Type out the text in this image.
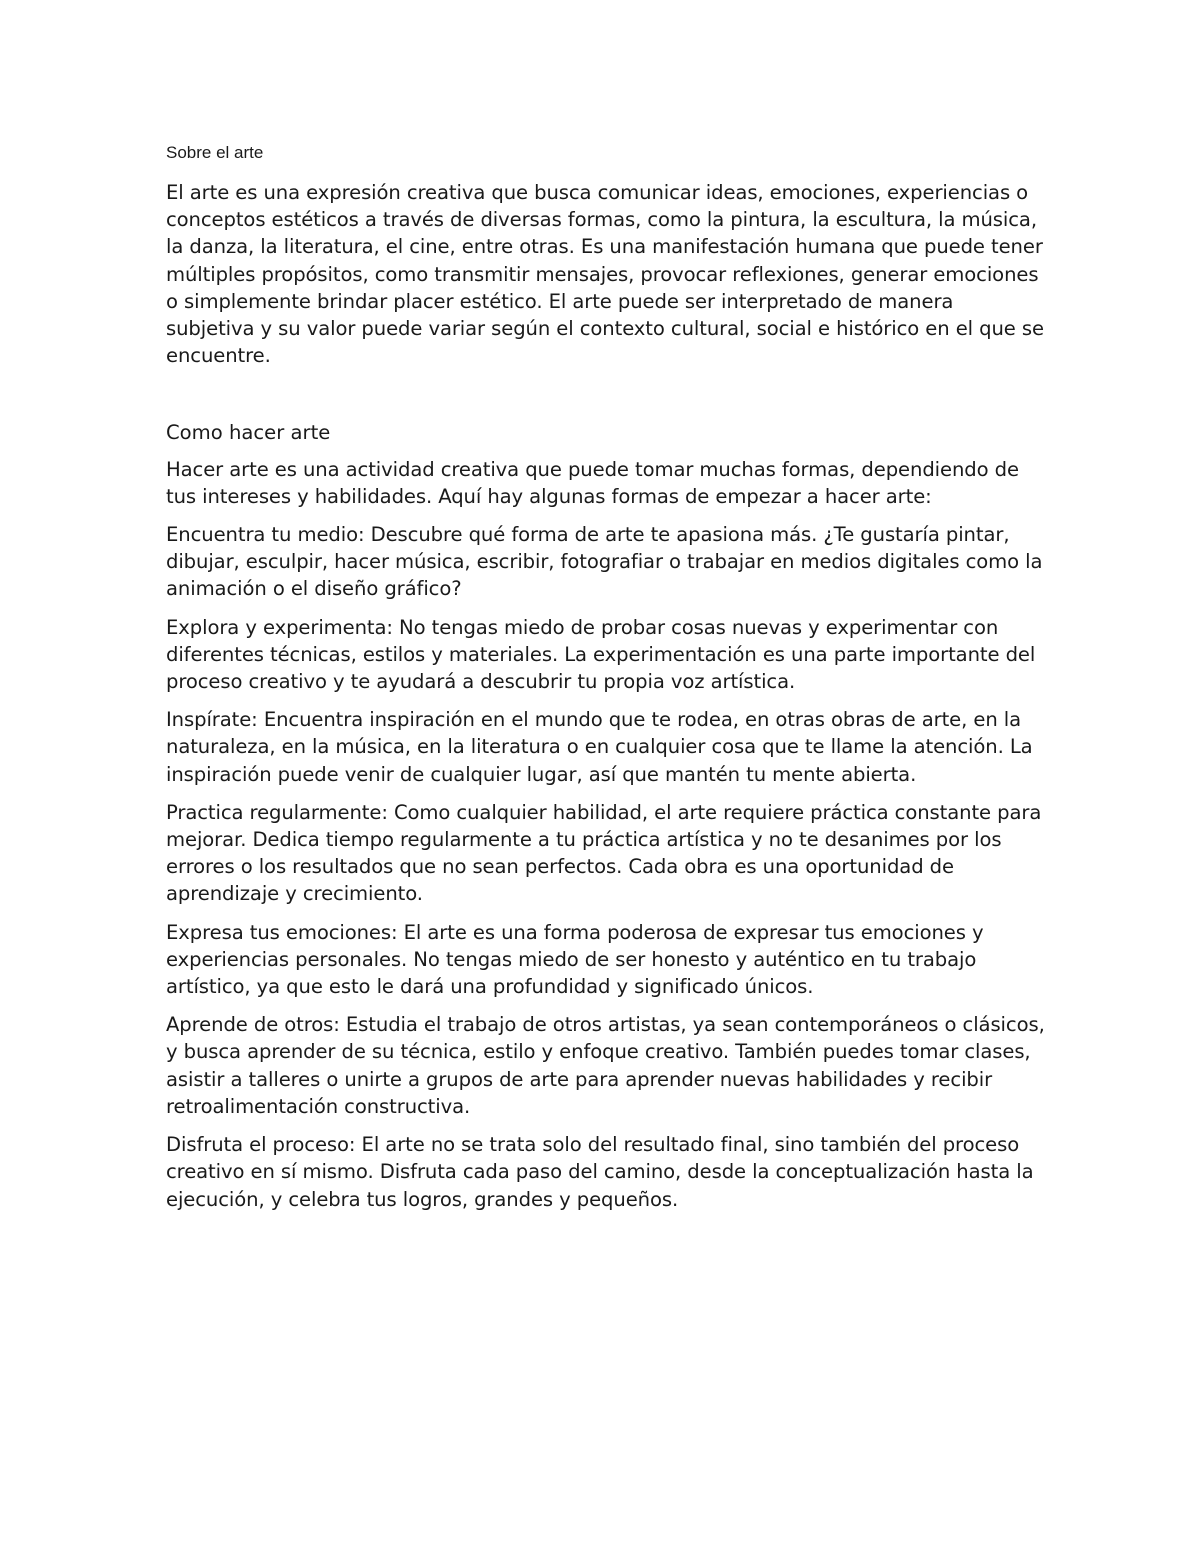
Sobre el arte

El arte es una expresión creativa que busca comunicar ideas, emociones, experiencias o conceptos estéticos a través de diversas formas, como la pintura, la escultura, la música, la danza, la literatura, el cine, entre otras. Es una manifestación humana que puede tener múltiples propósitos, como transmitir mensajes, provocar reflexiones, generar emociones o simplemente brindar placer estético. El arte puede ser interpretado de manera subjetiva y su valor puede variar según el contexto cultural, social e histórico en el que se encuentre.

Como hacer arte

Hacer arte es una actividad creativa que puede tomar muchas formas, dependiendo de tus intereses y habilidades. Aquí hay algunas formas de empezar a hacer arte:

Encuentra tu medio: Descubre qué forma de arte te apasiona más. ¿Te gustaría pintar, dibujar, esculpir, hacer música, escribir, fotografiar o trabajar en medios digitales como la animación o el diseño gráfico?

Explora y experimenta: No tengas miedo de probar cosas nuevas y experimentar con diferentes técnicas, estilos y materiales. La experimentación es una parte importante del proceso creativo y te ayudará a descubrir tu propia voz artística.

Inspírate: Encuentra inspiración en el mundo que te rodea, en otras obras de arte, en la naturaleza, en la música, en la literatura o en cualquier cosa que te llame la atención. La inspiración puede venir de cualquier lugar, así que mantén tu mente abierta.

Practica regularmente: Como cualquier habilidad, el arte requiere práctica constante para mejorar. Dedica tiempo regularmente a tu práctica artística y no te desanimes por los errores o los resultados que no sean perfectos. Cada obra es una oportunidad de aprendizaje y crecimiento.

Expresa tus emociones: El arte es una forma poderosa de expresar tus emociones y experiencias personales. No tengas miedo de ser honesto y auténtico en tu trabajo artístico, ya que esto le dará una profundidad y significado únicos.

Aprende de otros: Estudia el trabajo de otros artistas, ya sean contemporáneos o clásicos, y busca aprender de su técnica, estilo y enfoque creativo. También puedes tomar clases, asistir a talleres o unirte a grupos de arte para aprender nuevas habilidades y recibir retroalimentación constructiva.

Disfruta el proceso: El arte no se trata solo del resultado final, sino también del proceso creativo en sí mismo. Disfruta cada paso del camino, desde la conceptualización hasta la ejecución, y celebra tus logros, grandes y pequeños.
